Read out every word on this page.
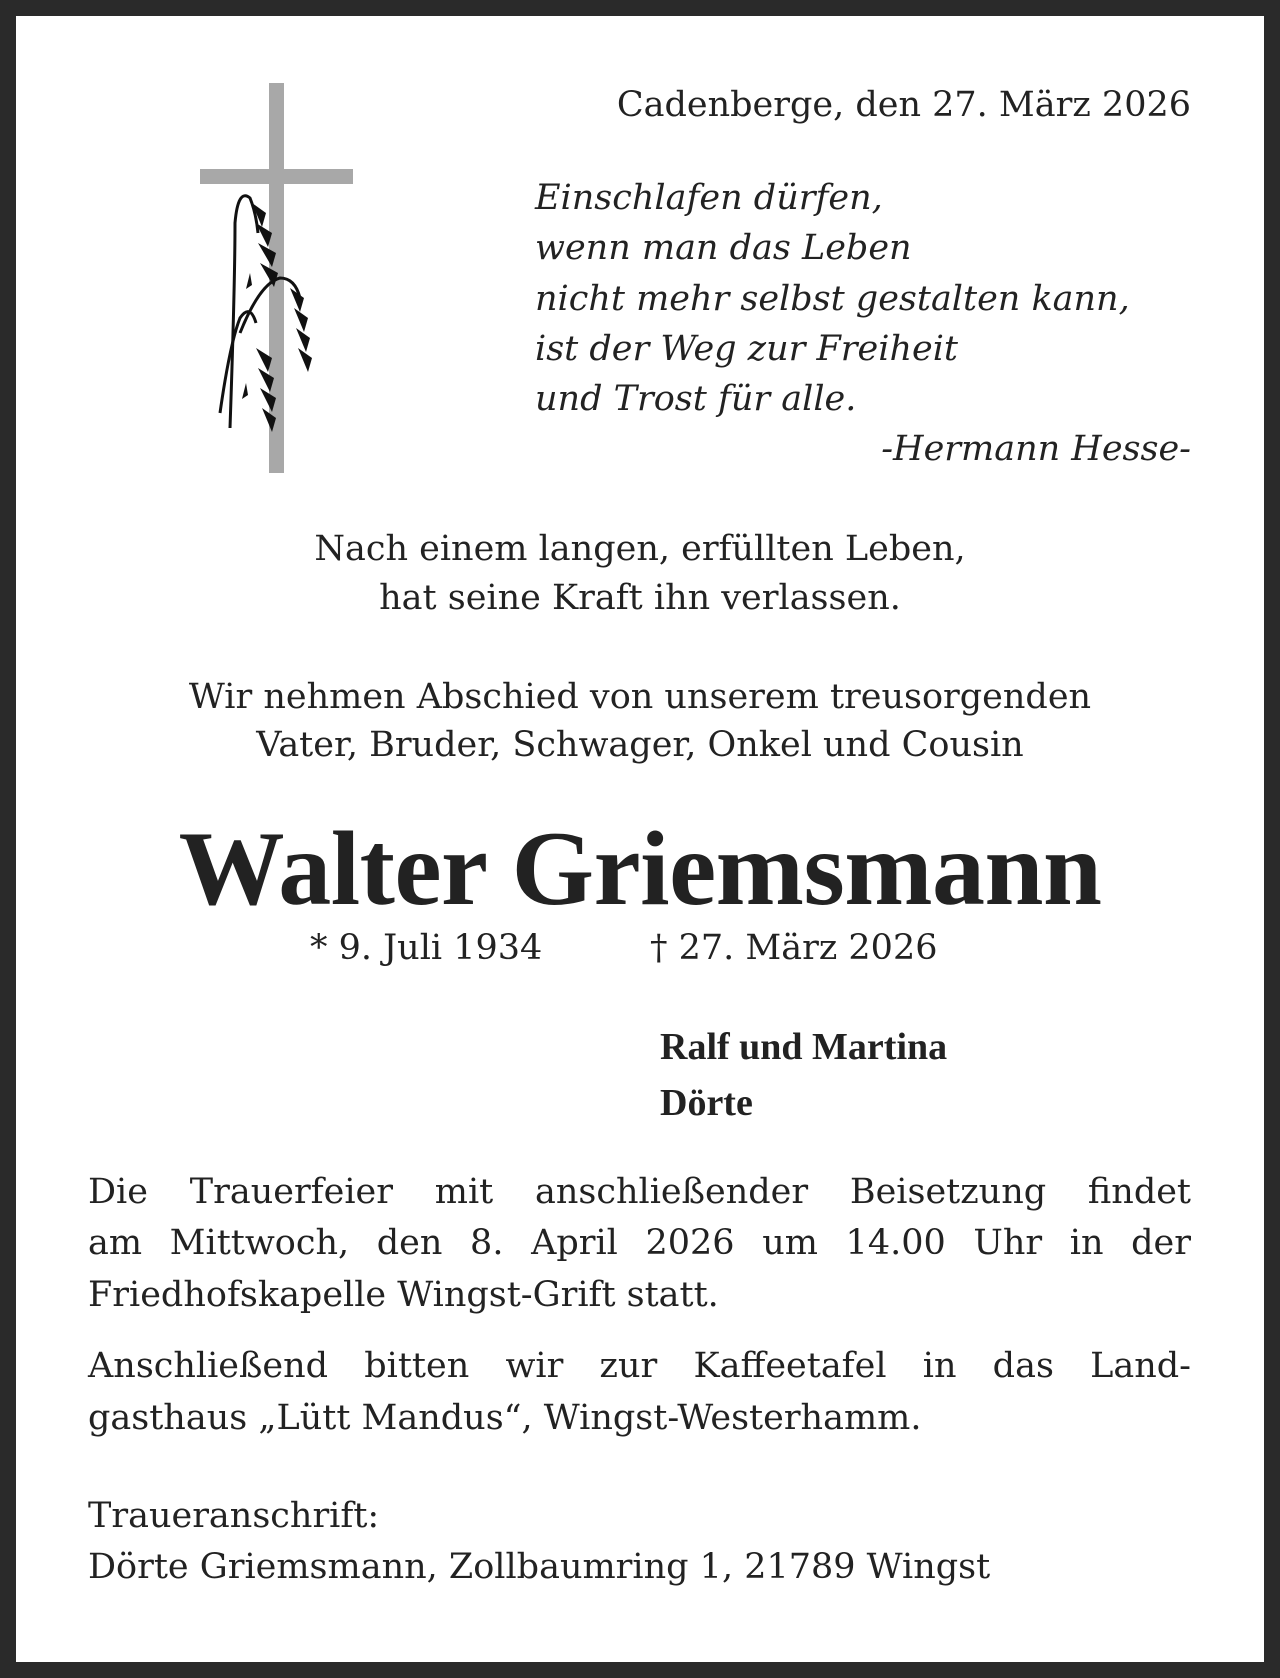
Cadenberge, den 27. März 2026
Einschlafen dürfen,
wenn man das Leben
nicht mehr selbst gestalten kann,
ist der Weg zur Freiheit
und Trost für alle.
-Hermann Hesse-
Nach einem langen, erfüllten Leben,
hat seine Kraft ihn verlassen.
Wir nehmen Abschied von unserem treusorgenden
Vater, Bruder, Schwager, Onkel und Cousin
Walter Griemsmann
* 9. Juli 1934	† 27. März 2026
Ralf und Martina
Dörte
Die Trauerfeier mit anschließender Beisetzung findet
am Mittwoch, den 8. April 2026 um 14.00 Uhr in der
Friedhofskapelle Wingst-Grift statt.
Anschließend bitten wir zur Kaffeetafel in das Land-
gasthaus „Lütt Mandus“, Wingst-Westerhamm.
Traueranschrift:
Dörte Griemsmann, Zollbaumring 1, 21789 Wingst
